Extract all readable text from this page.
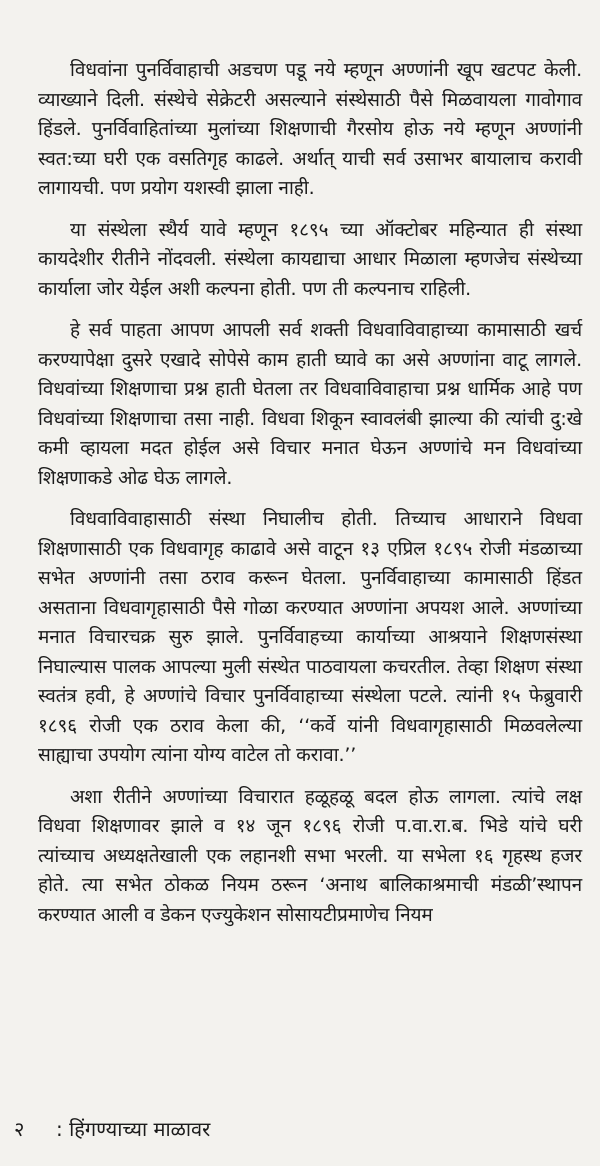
विधवांना पुनर्विवाहाची अडचण पडू नये म्हणून अण्णांनी खूप खटपट केली. व्याख्याने दिली. संस्थेचे सेक्रेटरी असल्याने संस्थेसाठी पैसे मिळवायला गावोगाव हिंडले. पुनर्विवाहितांच्या मुलांच्या शिक्षणाची गैरसोय होऊ नये म्हणून अण्णांनी स्वत:च्या घरी एक वसतिगृह काढले. अर्थात् याची सर्व उसाभर बायालाच करावी लागायची. पण प्रयोग यशस्वी झाला नाही.

या संस्थेला स्थैर्य यावे म्हणून १८९५ च्या ऑक्टोबर महिन्यात ही संस्था कायदेशीर रीतीने नोंदवली. संस्थेला कायद्याचा आधार मिळाला म्हणजेच संस्थेच्या कार्याला जोर येईल अशी कल्पना होती. पण ती कल्पनाच राहिली.

हे सर्व पाहता आपण आपली सर्व शक्ती विधवाविवाहाच्या कामासाठी खर्च करण्यापेक्षा दुसरे एखादे सोपेसे काम हाती घ्यावे का असे अण्णांना वाटू लागले. विधवांच्या शिक्षणाचा प्रश्न हाती घेतला तर विधवाविवाहाचा प्रश्न धार्मिक आहे पण विधवांच्या शिक्षणाचा तसा नाही. विधवा शिकून स्वावलंबी झाल्या की त्यांची दु:खे कमी व्हायला मदत होईल असे विचार मनात घेऊन अण्णांचे मन विधवांच्या शिक्षणाकडे ओढ घेऊ लागले.

विधवाविवाहासाठी संस्था निघालीच होती. तिच्याच आधाराने विधवा शिक्षणासाठी एक विधवागृह काढावे असे वाटून १३ एप्रिल १८९५ रोजी मंडळाच्या सभेत अण्णांनी तसा ठराव करून घेतला. पुनर्विवाहाच्या कामासाठी हिंडत असताना विधवागृहासाठी पैसे गोळा करण्यात अण्णांना अपयश आले. अण्णांच्या मनात विचारचक्र सुरु झाले. पुनर्विवाहच्या कार्याच्या आश्रयाने शिक्षणसंस्था निघाल्यास पालक आपल्या मुली संस्थेत पाठवायला कचरतील. तेव्हा शिक्षण संस्था स्वतंत्र हवी, हे अण्णांचे विचार पुनर्विवाहाच्या संस्थेला पटले. त्यांनी १५ फेब्रुवारी १८९६ रोजी एक ठराव केला की, ‘‘कर्वे यांनी विधवागृहासाठी मिळवलेल्या साह्याचा उपयोग त्यांना योग्य वाटेल तो करावा.’’

अशा रीतीने अण्णांच्या विचारात हळूहळू बदल होऊ लागला. त्यांचे लक्ष विधवा शिक्षणावर झाले व १४ जून १८९६ रोजी प.वा.रा.ब. भिडे यांचे घरी त्यांच्याच अध्यक्षतेखाली एक लहानशी सभा भरली. या सभेला १६ गृहस्थ हजर होते. त्या सभेत ठोकळ नियम ठरून ‘अनाथ बालिकाश्रमाची मंडळी’स्थापन करण्यात आली व डेकन एज्युकेशन सोसायटीप्रमाणेच नियम

२ : हिंगण्याच्या माळावर
